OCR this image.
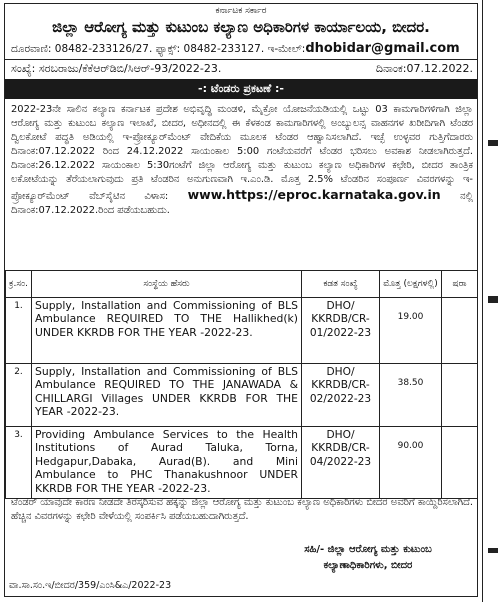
ಕರ್ನಾಟಕ ಸರ್ಕಾರ
ಜಿಲ್ಲಾ ಆರೋಗ್ಯ ಮತ್ತು ಕುಟುಂಬ ಕಲ್ಯಾಣ ಅಧಿಕಾರಿಗಳ ಕಾರ್ಯಾಲಯ, ಬೀದರ.
ದೂರವಾಣಿ: 08482-233126/27. ಫ್ಯಾಕ್ಸ್: 08482-233127. ಇ-ಮೇಲ್:dhobidar@gmail.com
ಸಂಖ್ಯೆ: ಸರಬರಾಜು/ಕೆಕೆಆರ್‌ಡಿಬಿ/ಸಿಆರ್-93/2022-23.	ದಿನಾಂಕ:07.12.2022.
-: ಟೆಂಡರು ಪ್ರಕಟಣೆ :-
2022-23ನೇ ಸಾಲಿನ ಕಲ್ಯಾಣ ಕರ್ನಾಟಕ ಪ್ರದೇಶ ಅಭಿವೃದ್ಧಿ ಮಂಡಳಿ, ಮೈಕ್ರೋ ಯೋಜನೆಯಡಿಯಲ್ಲಿ ಒಟ್ಟು 03 ಕಾಮಗಾರಿಗಳಿಗಾಗಿ ಜಿಲ್ಲಾ ಆರೋಗ್ಯ ಮತ್ತು ಕುಟುಂಬ ಕಲ್ಯಾಣ ಇಲಾಖೆ, ಬೀದರ, ಅಧೀನದಲ್ಲಿ ಈ ಕೆಳಕಂಡ ಕಾಮಗಾರಿಗಳಲ್ಲಿ ಅಂಬ್ಯುಲನ್ಸ ವಾಹನಗಳ ಖರೀದಿಗಾಗಿ ಟೆಂಡರ ದ್ವಿಲಕೋಟೆ ಪದ್ಧತಿ ಅಡಿಯಲ್ಲಿ ಇ-ಪ್ರೋಕ್ಯೂರ್‌ಮೆಂಟ್ ವೇದಿಕೆಯ ಮೂಲಕ ಟೆಂಡರ ಆಹ್ವಾನಿಸಲಾಗಿದೆ. ಇಚ್ಛೆ ಉಳ್ಳವರ ಗುತ್ತಿಗೆದಾರರು ದಿನಾಂಕ:07.12.2022 ರಿಂದ 24.12.2022 ಸಾಯಂಕಾಲ 5:00 ಗಂಟೆಯವರೆಗೆ ಟೆಂಡರ ಭರಿಸಲು ಅವಕಾಶ ನೀಡಲಾಗಿರುತ್ತದೆ. ದಿನಾಂಕ:26.12.2022 ಸಾಯಂಕಾಲ 5:30ಗಂಟೆಗೆ ಜಿಲ್ಲಾ ಆರೋಗ್ಯ ಮತ್ತು ಕುಟುಂಬ ಕಲ್ಯಾಣ ಅಧಿಕಾರಿಗಳ ಕಛೇರಿ, ಬೀದರ ತಾಂತ್ರಿಕ ಲಕೋಟೆಯನ್ನು ತೆರೆಯಲಾಗುವುದು ಪ್ರತಿ ಟೆಂಡರಿನ ಅನುಗುಣವಾಗಿ ಇ.ಎಂ.ಡಿ. ಮೊತ್ತ 2.5% ಟೆಂಡರಿನ ಸಂಪೂರ್ಣ ವಿವರಗಳನ್ನು ಇ-ಪ್ರೋಕ್ಯೂರ್‌ಮೆಂಟ್ ವೆಬ್‌ಸೈಟಿನ ವಿಳಾಸ: www.https://eproc.karnataka.gov.in ನಲ್ಲಿ ದಿನಾಂಕ:07.12.2022.ರಿಂದ ಪಡೆಯಬಹುದು.
ಕ್ರ.ಸಂ.	ಸಂಸ್ಥೆಯ ಹೆಸರು	ಕಡತ ಸಂಖ್ಯೆ	ಮೊತ್ತ (ಲಕ್ಷಗಳಲ್ಲಿ)	ಷರಾ
1.	Supply, Installation and Commissioning of BLS Ambulance REQUIRED TO THE Hallikhed(k) UNDER KKRDB FOR THE YEAR -2022-23.	DHO/ KKRDB/CR-01/2022-23	19.00	
2.	Supply, Installation and Commissioning of BLS Ambulance REQUIRED TO THE JANAWADA & CHILLARGI Villages UNDER KKRDB FOR THE YEAR -2022-23.	DHO/ KKRDB/CR-02/2022-23	38.50	
3.	Providing Ambulance Services to the Health Institutions of Aurad Taluka, Torna, Hedgapur,Dabaka, Aurad(B). and Mini Ambulance to PHC Thanakushnoor UNDER KKRDB FOR THE YEAR -2022-23.	DHO/ KKRDB/CR-04/2022-23	90.00	
ಟೆಂಡರ್ ಯಾವುದೇ ಕಾರಣ ನೀಡದೇ ತಿರಸ್ಕರಿಸುವ ಹಕ್ಕನ್ನು ಜಿಲ್ಲಾ ಆರೋಗ್ಯ ಮತ್ತು ಕುಟುಂಬ ಕಲ್ಯಾಣ ಅಧಿಕಾರಿಗಳು ಬೀದರ ಅವರಿಗೆ ಕಾಯ್ದಿರಿಸಲಾಗಿದೆ. ಹೆಚ್ಚಿನ ವಿವರಗಳನ್ನು ಕಛೇರಿ ವೇಳೆಯಲ್ಲಿ ಸಂಪರ್ಕಿಸಿ ಪಡೆಯಬಹುದಾಗಿರುತ್ತದೆ.
ಸಹಿ/- ಜಿಲ್ಲಾ ಆರೋಗ್ಯ ಮತ್ತು ಕುಟುಂಬ
ಕಲ್ಯಾಣಾಧಿಕಾರಿಗಳು, ಬೀದರ
ವಾ.ಸಾ.ಸಂ.ಇ/ಬೀದರ/359/ಎಂಸಿ&ಎ/2022-23
